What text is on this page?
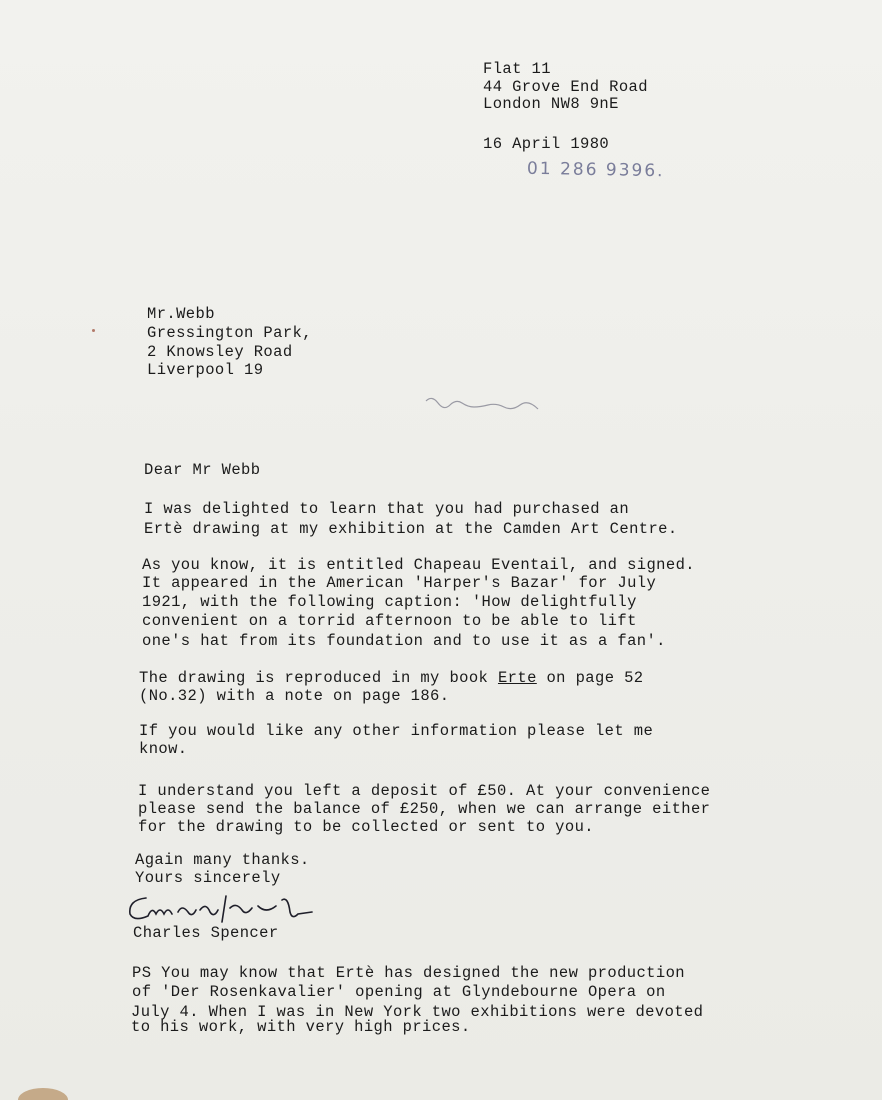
Flat 11
44 Grove End Road
London NW8 9nE
16 April 1980
01 286 9396.
Mr.Webb
Gressington Park,
2 Knowsley Road
Liverpool 19
Dear Mr Webb
I was delighted to learn that you had purchased an
Ertè drawing at my exhibition at the Camden Art Centre.
As you know, it is entitled Chapeau Eventail, and signed.
It appeared in the American 'Harper's Bazar' for July
1921, with the following caption: 'How delightfully
convenient on a torrid afternoon to be able to lift
one's hat from its foundation and to use it as a fan'.
The drawing is reproduced in my book Erte on page 52
(No.32) with a note on page 186.
If you would like any other information please let me
know.
I understand you left a deposit of £50. At your convenience
please send the balance of £250, when we can arrange either
for the drawing to be collected or sent to you.
Again many thanks.
Yours sincerely
Charles Spencer
PS You may know that Ertè has designed the new production
of 'Der Rosenkavalier' opening at Glyndebourne Opera on
July 4. When I was in New York two exhibitions were devoted
to his work, with very high prices.
